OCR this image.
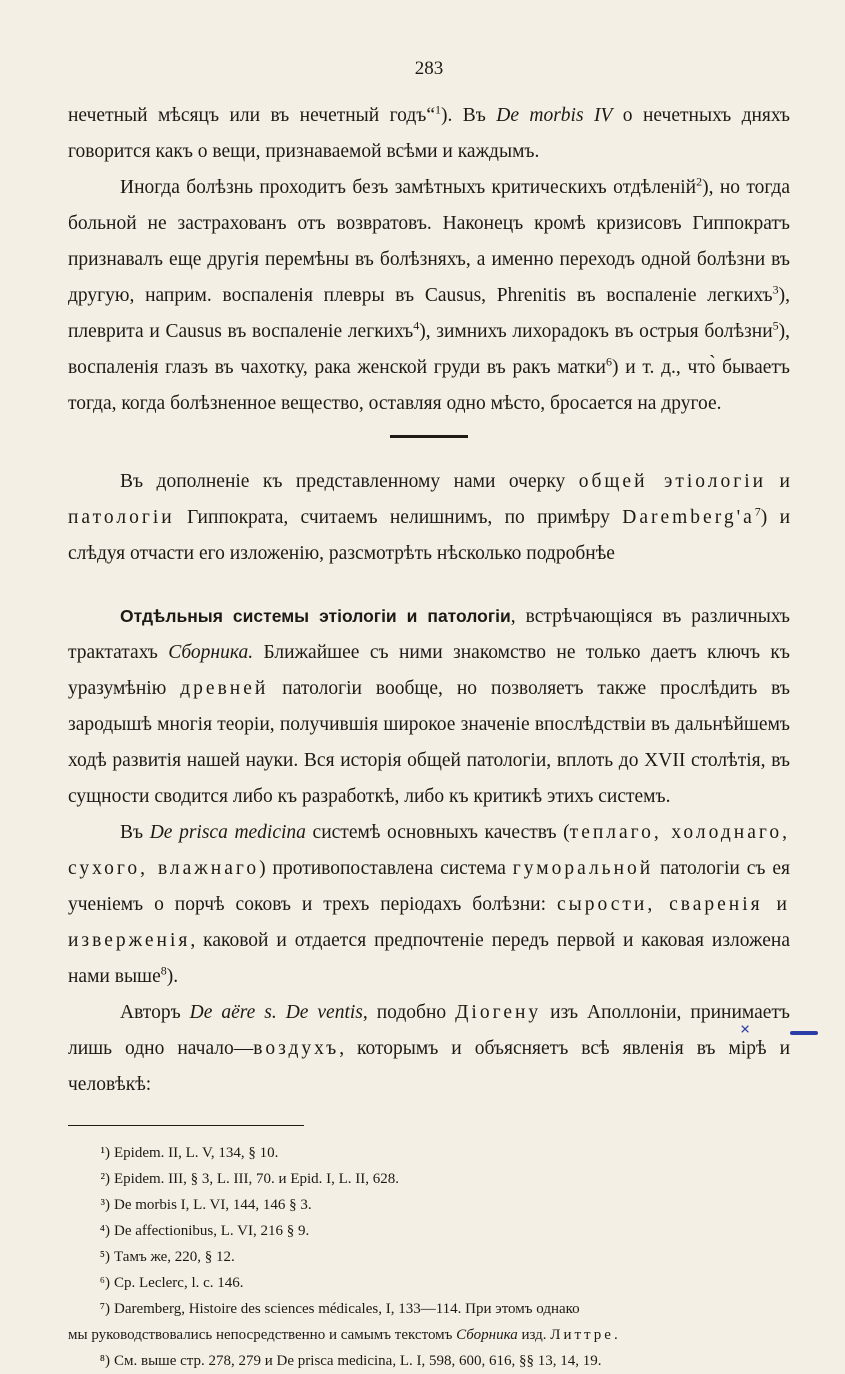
283

нечетный мѣсяцъ или въ нечетный годъ“$^1$). Въ De morbis IV о нечетныхъ дняхъ говорится какъ о вещи, признаваемой всѣми и каждымъ.

Иногда болѣзнь проходитъ безъ замѣтныхъ критическихъ отдѣленій$^2$), но тогда больной не застрахованъ отъ возвратовъ. Наконецъ кромѣ кризисовъ Гиппократъ признавалъ еще другія перемѣны въ болѣзняхъ, а именно переходъ одной болѣзни въ другую, наприм. воспаленія плевры въ Causus, Phrenitis въ воспаленіе легкихъ$^3$), плеврита и Causus въ воспаленіе легкихъ$^4$), зимнихъ лихорадокъ въ острыя болѣзни$^5$), воспаленія глазъ въ чахотку, рака женской груди въ ракъ матки$^6$) и т. д., что̀ бываетъ тогда, когда болѣзненное вещество, оставляя одно мѣсто, бросается на другое.

Въ дополненіе къ представленному нами очерку общей этіологіи и патологіи Гиппократа, считаемъ нелишнимъ, по примѣру $Daremberg'a^7$) и слѣдуя отчасти его изложенію, разсмотрѣть нѣсколько подробнѣе

Отдѣльныя системы этіологіи и патологіи, встрѣчающіяся въ различныхъ трактатахъ Сборника. Ближайшее съ ними знакомство не только даетъ ключъ къ уразумѣнію древней патологіи вообще, но позволяетъ также прослѣдить въ зародышѣ многія теоріи, получившія широкое значеніе впослѣдствіи въ дальнѣйшемъ ходѣ развитія нашей науки. Вся исторія общей патологіи, вплоть до XVII столѣтія, въ сущности сводится либо къ разработкѣ, либо къ критикѣ этихъ системъ.

Въ De prisca medicina системѣ основныхъ качествъ (теплаго, холоднаго, сухого, влажнаго) противопоставлена система гуморальной патологіи съ ея ученіемъ о порчѣ соковъ и трехъ періодахъ болѣзни: сырости, сваренія и изверженія, каковой и отдается предпочтеніе передъ первой и каковая изложена нами выше$^8$).

Авторъ De aëre s. De ventis, подобно Діогену изъ Аполлоніи, принимаетъ лишь одно начало—воздухъ, которымъ и объясняетъ всѣ явленія въ мірѣ и человѣкѣ:

¹) Epidem. II, L. V, 134, § 10.

²) Epidem. III, § 3, L. III, 70. и Epid. I, L. II, 628.

³) De morbis I, L. VI, 144, 146 § 3.

⁴) De affectionibus, L. VI, 216 § 9.

⁵) Тамъ же, 220, § 12.

⁶) Cp. Leclerc, l. c. 146.

⁷) Daremberg, Histoire des sciences médicales, I, 133—114. При этомъ однако

мы руководствовались непосредственно и самымъ текстомъ Сборника изд. Литтре.

⁸) См. выше стр. 278, 279 и De prisca medicina, L. I, 598, 600, 616, §§ 13, 14, 19.

×
